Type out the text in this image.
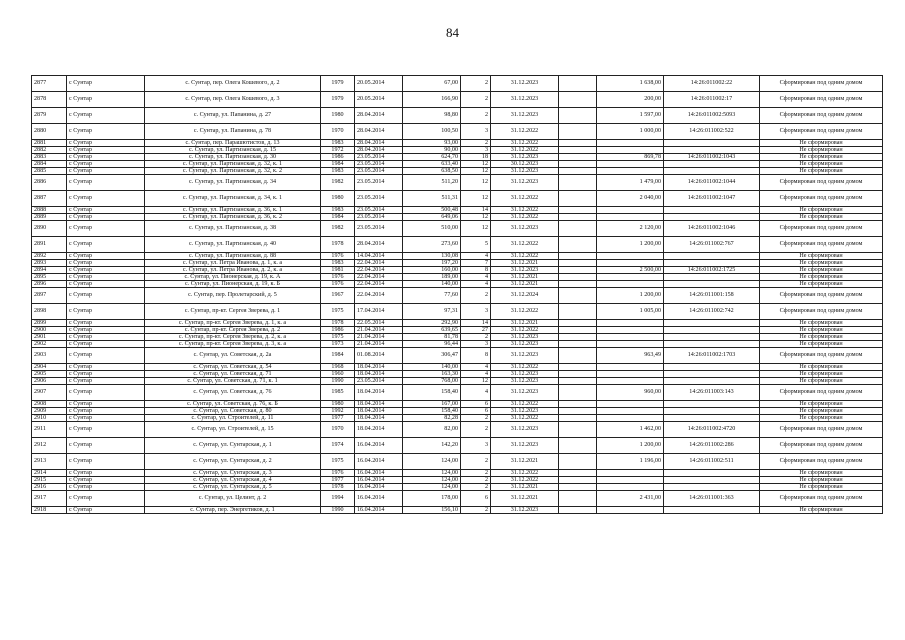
84
2877	с Сунтар	с. Сунтар, пер. Олега Кошевого, д. 2	1979	20.05.2014	67,00	2	31.12.2023		1 638,00	14:26:011002:22	Сформирован под одним домом
2878	с Сунтар	с. Сунтар, пер. Олега Кошевого, д. 3	1979	20.05.2014	166,90	2	31.12.2023		200,00	14:26:011002:17	Сформирован под одним домом
2879	с Сунтар	с. Сунтар, ул. Папанина, д. 27	1980	28.04.2014	98,80	2	31.12.2023		1 597,00	14:26:011002:5093	Сформирован под одним домом
2880	с Сунтар	с. Сунтар, ул. Папанина, д. 78	1970	28.04.2014	100,50	3	31.12.2022		1 000,00	14:26:011002:522	Сформирован под одним домом
2881	с Сунтар	с. Сунтар, пер. Парашютистов, д. 13	1983	28.04.2014	93,00	2	31.12.2022				Не сформирован
2882	с Сунтар	с. Сунтар, ул. Партизанская, д. 15	1972	28.04.2014	90,00	3	31.12.2022				Не сформирован
2883	с Сунтар	с. Сунтар, ул. Партизанская, д. 30	1986	23.05.2014	624,70	18	31.12.2023		869,78	14:26:011002:1043	Не сформирован
2884	с Сунтар	с. Сунтар, ул. Партизанская, д. 32, к. 1	1984	23.05.2014	633,40	12	30.12.2023				Не сформирован
2885	с Сунтар	с. Сунтар, ул. Партизанская, д. 32, к. 2	1983	23.05.2014	638,50	12	31.12.2023				Не сформирован
2886	с Сунтар	с. Сунтар, ул. Партизанская, д. 34	1982	23.05.2014	511,20	12	31.12.2023		1 479,00	14:26:011002:1044	Сформирован под одним домом
2887	с Сунтар	с. Сунтар, ул. Партизанская, д. 34, к. 1	1980	23.05.2014	511,31	12	31.12.2022		2 040,00	14:26:011002:1047	Сформирован под одним домом
2888	с Сунтар	с. Сунтар, ул. Партизанская, д. 36, к. 1	1983	23.05.2014	500,48	14	31.12.2022				Не сформирован
2889	с Сунтар	с. Сунтар, ул. Партизанская, д. 36, к. 2	1984	23.05.2014	649,06	12	31.12.2022				Не сформирован
2890	с Сунтар	с. Сунтар, ул. Партизанская, д. 38	1982	23.05.2014	510,00	12	31.12.2023		2 120,00	14:26:011002:1046	Сформирован под одним домом
2891	с Сунтар	с. Сунтар, ул. Партизанская, д. 40	1978	28.04.2014	273,60	5	31.12.2022		1 200,00	14:26:011002:767	Сформирован под одним домом
2892	с Сунтар	с. Сунтар, ул. Партизанская, д. 88	1976	14.04.2014	130,08	4	31.12.2022				Не сформирован
2893	с Сунтар	с. Сунтар, ул. Петра Иванова, д. 1, к. а	1983	22.04.2014	197,20	7	31.12.2021				Не сформирован
2894	с Сунтар	с. Сунтар, ул. Петра Иванова, д. 2, к. а	1981	22.04.2014	160,00	8	31.12.2023		2 500,00	14:26:011002:1725	Не сформирован
2895	с Сунтар	с. Сунтар, ул. Пионерская, д. 19, к. А	1976	22.04.2014	189,00	4	31.12.2021				Не сформирован
2896	с Сунтар	с. Сунтар, ул. Пионерская, д. 19, к. Б	1976	22.04.2014	140,00	4	31.12.2021				Не сформирован
2897	с Сунтар	с. Сунтар, пер. Пролетарский, д. 5	1967	22.04.2014	77,60	2	31.12.2024		1 200,00	14:26:011001:158	Сформирован под одним домом
2898	с Сунтар	с. Сунтар, пр-кт. Сергея Зверева, д. 1	1975	17.04.2014	97,31	3	31.12.2022		1 005,00	14:26:011002:742	Сформирован под одним домом
2899	с Сунтар	с. Сунтар, пр-кт. Сергея Зверева, д. 1, к. а	1978	22.05.2014	292,90	14	31.12.2021				Не сформирован
2900	с Сунтар	с. Сунтар, пр-кт. Сергея Зверева, д. 2	1986	21.04.2014	639,65	27	31.12.2022				Не сформирован
2901	с Сунтар	с. Сунтар, пр-кт. Сергея Зверева, д. 2, к. а	1975	21.04.2014	81,78	2	31.12.2023				Не сформирован
2902	с Сунтар	с. Сунтар, пр-кт. Сергея Зверева, д. 3, к. а	1973	21.04.2014	96,44	3	31.12.2023				Не сформирован
2903	с Сунтар	с. Сунтар, ул. Советская, д. 2а	1984	01.08.2014	306,47	8	31.12.2023		963,49	14:26:011002:1703	Сформирован под одним домом
2904	с Сунтар	с. Сунтар, ул. Советская, д. 54	1968	18.04.2014	140,00	4	31.12.2022				Не сформирован
2905	с Сунтар	с. Сунтар, ул. Советская, д. 71	1960	18.04.2014	163,30	4	31.12.2023				Не сформирован
2906	с Сунтар	с. Сунтар, ул. Советская, д. 71, к. 1	1990	23.05.2014	768,00	12	31.12.2023				Не сформирован
2907	с Сунтар	с. Сунтар, ул. Советская, д. 76	1985	18.04.2014	158,40	4	31.12.2023		960,00	14:26:011003:143	Сформирован под одним домом
2908	с Сунтар	с. Сунтар, ул. Советская, д. 76, к. Б	1980	18.04.2014	167,00	6	31.12.2022				Не сформирован
2909	с Сунтар	с. Сунтар, ул. Советская, д. 80	1992	18.04.2014	158,40	6	31.12.2023				Не сформирован
2910	с Сунтар	с. Сунтар, ул. Строителей, д. 11	1977	18.04.2014	82,28	2	31.12.2022				Не сформирован
2911	с Сунтар	с. Сунтар, ул. Строителей, д. 15	1970	18.04.2014	82,00	2	31.12.2023		1 462,00	14:26:011002:4720	Сформирован под одним домом
2912	с Сунтар	с. Сунтар, ул. Сунтарская, д. 1	1974	16.04.2014	142,20	3	31.12.2023		1 200,00	14:26:011002:286	Сформирован под одним домом
2913	с Сунтар	с. Сунтар, ул. Сунтарская, д. 2	1975	16.04.2014	124,00	2	31.12.2021		1 196,00	14:26:011002:511	Сформирован под одним домом
2914	с Сунтар	с. Сунтар, ул. Сунтарская, д. 3	1976	16.04.2014	124,00	2	31.12.2022				Не сформирован
2915	с Сунтар	с. Сунтар, ул. Сунтарская, д. 4	1977	16.04.2014	124,00	2	31.12.2022				Не сформирован
2916	с Сунтар	с. Сунтар, ул. Сунтарская, д. 5	1978	16.04.2014	124,00	2	31.12.2021				Не сформирован
2917	с Сунтар	с. Сунтар, ул. Целинт, д. 2	1994	16.04.2014	178,00	6	31.12.2021		2 431,00	14:26:011001:363	Сформирован под одним домом
2918	с Сунтар	с. Сунтар, пер. Энергетиков, д. 1	1990	16.04.2014	156,10	2	31.12.2023				Не сформирован
